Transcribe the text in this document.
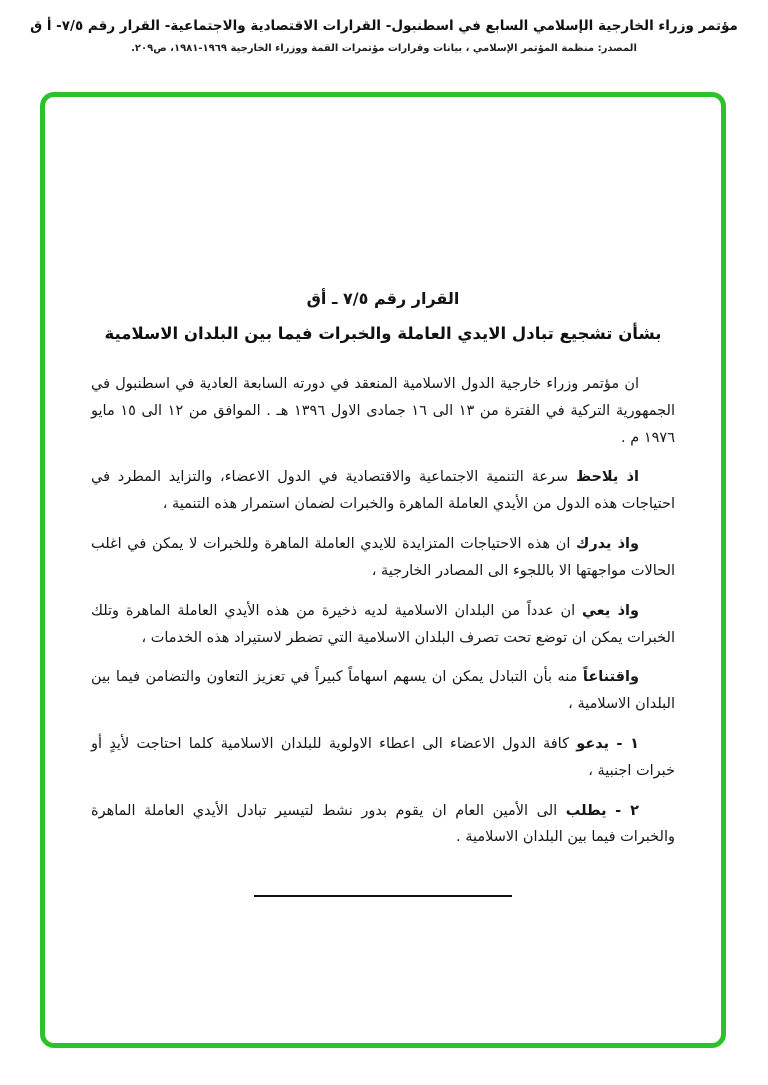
مؤتمر وزراء الخارجية الإسلامي السابع في اسطنبول- القرارات الاقتصادية والاجتماعية- القرار رقم ٧/٥- أ ق
المصدر: منظمة المؤتمر الإسلامي ، بيانات وقرارات مؤتمرات القمة ووزراء الخارجية ١٩٦٩-١٩٨١، ص٢٠٩.
القرار رقم ٧/٥ ـ أق
بشأن تشجيع تبادل الايدي العاملة والخبرات فيما بين البلدان الاسلامية

ان مؤتمر وزراء خارجية الدول الاسلامية المنعقد في دورته السابعة العادية في اسطنبول في الجمهورية التركية في الفترة من ١٣ الى ١٦ جمادى الاول ١٣٩٦ هـ . الموافق من ١٢ الى ١٥ مايو ١٩٧٦ م .

اذ يلاحظ سرعة التنمية الاجتماعية والاقتصادية في الدول الاعضاء، والتزايد المطرد في احتياجات هذه الدول من الأيدي العاملة الماهرة والخبرات لضمان استمرار هذه التنمية ،

واذ يدرك ان هذه الاحتياجات المتزايدة للايدي العاملة الماهرة وللخبرات لا يمكن في اغلب الحالات مواجهتها الا باللجوء الى المصادر الخارجية ،

واذ يعي ان عدداً من البلدان الاسلامية لديه ذخيرة من هذه الأيدي العاملة الماهرة وتلك الخبرات يمكن ان توضع تحت تصرف البلدان الاسلامية التي تضطر لاستيراد هذه الخدمات ،

واقتناعاً منه بأن التبادل يمكن ان يسهم اسهاماً كبيراً في تعزيز التعاون والتضامن فيما بين البلدان الاسلامية ،

١ - يدعو كافة الدول الاعضاء الى اعطاء الاولوية للبلدان الاسلامية كلما احتاجت لأيدٍ أو خبرات اجنبية ،

٢ - يطلب الى الأمين العام ان يقوم بدور نشط لتيسير تبادل الأيدي العاملة الماهرة والخبرات فيما بين البلدان الاسلامية .
